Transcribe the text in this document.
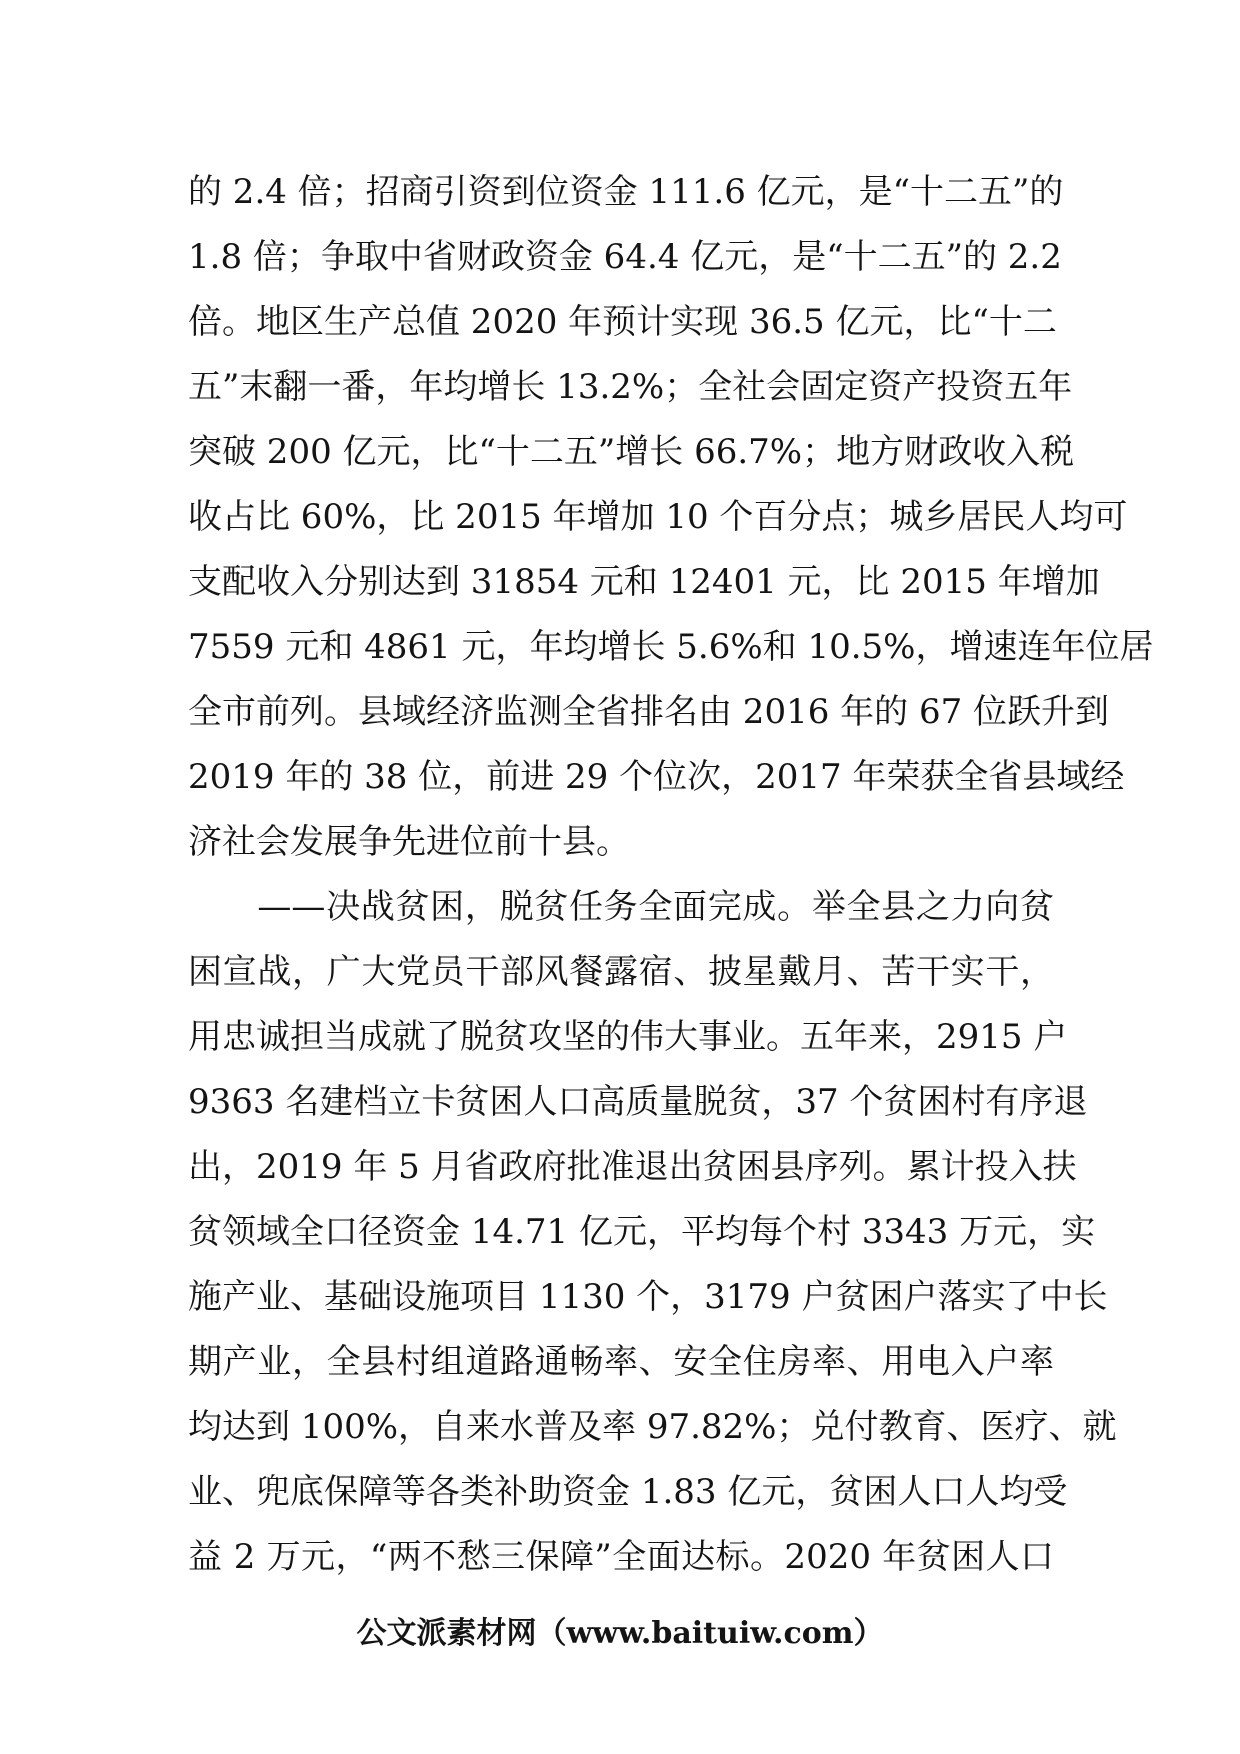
的 2.4 倍；招商引资到位资金 111.6 亿元，是“十二五”的
1.8 倍；争取中省财政资金 64.4 亿元，是“十二五”的 2.2
倍。地区生产总值 2020 年预计实现 36.5 亿元，比“十二
五”末翻一番，年均增长 13.2%；全社会固定资产投资五年
突破 200 亿元，比“十二五”增长 66.7%；地方财政收入税
收占比 60%，比 2015 年增加 10 个百分点；城乡居民人均可
支配收入分别达到 31854 元和 12401 元，比 2015 年增加
7559 元和 4861 元，年均增长 5.6%和 10.5%，增速连年位居
全市前列。县域经济监测全省排名由 2016 年的 67 位跃升到
2019 年的 38 位，前进 29 个位次，2017 年荣获全省县域经
济社会发展争先进位前十县。
　　——决战贫困，脱贫任务全面完成。举全县之力向贫
困宣战，广大党员干部风餐露宿、披星戴月、苦干实干，
用忠诚担当成就了脱贫攻坚的伟大事业。五年来，2915 户
9363 名建档立卡贫困人口高质量脱贫，37 个贫困村有序退
出，2019 年 5 月省政府批准退出贫困县序列。累计投入扶
贫领域全口径资金 14.71 亿元，平均每个村 3343 万元，实
施产业、基础设施项目 1130 个，3179 户贫困户落实了中长
期产业，全县村组道路通畅率、安全住房率、用电入户率
均达到 100%，自来水普及率 97.82%；兑付教育、医疗、就
业、兜底保障等各类补助资金 1.83 亿元，贫困人口人均受
益 2 万元，“两不愁三保障”全面达标。2020 年贫困人口
公文派素材网（www.baituiw.com）
